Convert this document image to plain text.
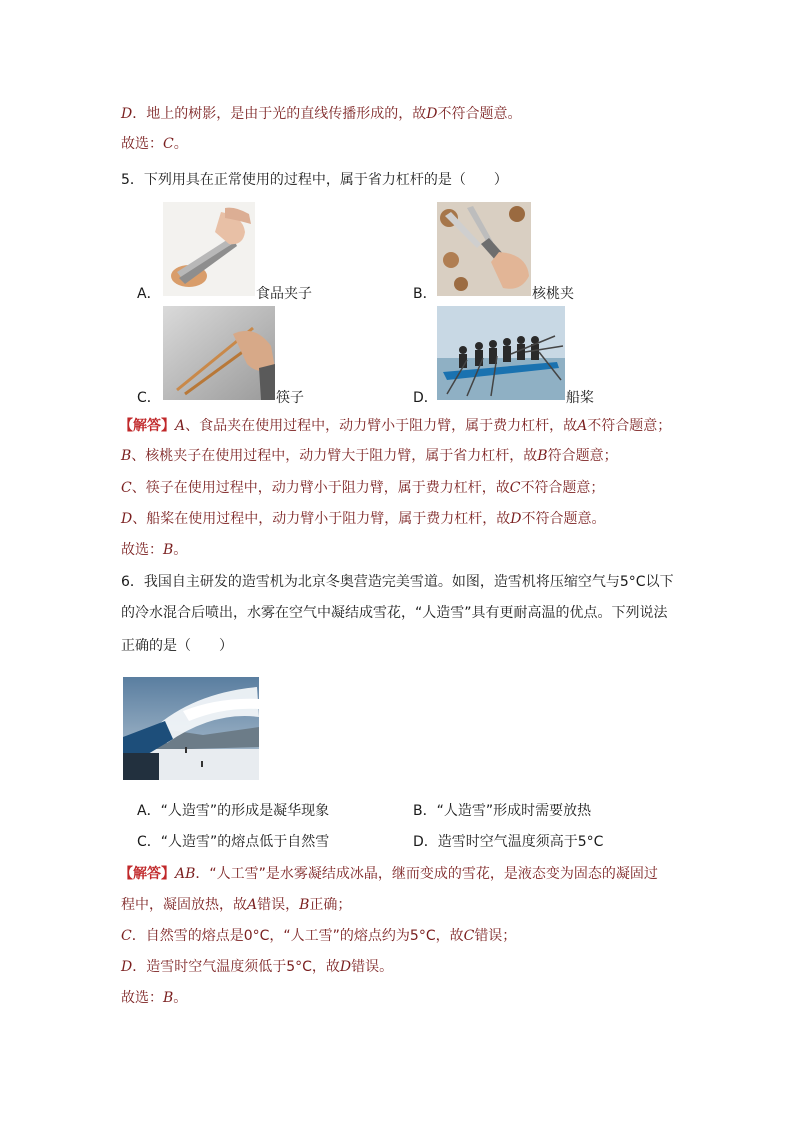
D．地上的树影，是由于光的直线传播形成的，故D不符合题意。
故选：C。
5．下列用具在正常使用的过程中，属于省力杠杆的是（　　）
A．	食品夹子	B．	核桃夹
C．	筷子	D．	船桨
【解答】A、食品夹在使用过程中，动力臂小于阻力臂，属于费力杠杆，故A不符合题意；
B、核桃夹子在使用过程中，动力臂大于阻力臂，属于省力杠杆，故B符合题意；
C、筷子在使用过程中，动力臂小于阻力臂，属于费力杠杆，故C不符合题意；
D、船桨在使用过程中，动力臂小于阻力臂，属于费力杠杆，故D不符合题意。
故选：B。
6．我国自主研发的造雪机为北京冬奥营造完美雪道。如图，造雪机将压缩空气与5°C以下
的冷水混合后喷出，水雾在空气中凝结成雪花，“人造雪”具有更耐高温的优点。下列说法
正确的是（　　）
A．“人造雪”的形成是凝华现象	B．“人造雪”形成时需要放热
C．“人造雪”的熔点低于自然雪	D．造雪时空气温度须高于5°C
【解答】AB．“人工雪”是水雾凝结成冰晶，继而变成的雪花，是液态变为固态的凝固过
程中，凝固放热，故A错误，B正确；
C．自然雪的熔点是0°C，“人工雪”的熔点约为5°C，故C错误；
D．造雪时空气温度须低于5°C，故D错误。
故选：B。
